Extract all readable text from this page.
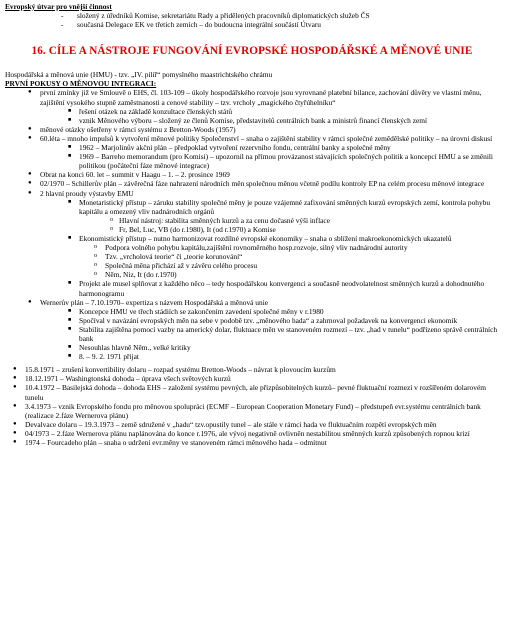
Evropský útvar pro vnější činnost
- složený z úředníků Komise, sekretariátu Rady a přidělených pracovníků diplomatických služeb ČS
- současná Delegace EK ve třetích zemích – do budoucna integrální součástí Útvaru
16. CÍLE A NÁSTROJE FUNGOVÁNÍ EVROPSKÉ HOSPODÁŘSKÉ A MĚNOVÉ UNIE
Hospodářská a měnová unie (HMU) - tzv. „IV. pilíř“ pomyslného maastrichtského chrámu
PRVNÍ POKUSY O MĚNOVOU INTEGRACI:
● první zmínky již ve Smlouvě o EHS, čl. 103-109 – úkoly hospodářského rozvoje jsou vyrovnané platební bilance, zachování důvěry ve vlastní měnu, zajištění vysokého stupně zaměstnanosti a cenové stability – tzv. vrcholy „magického čtyřúhelníku“
■ řešení otázek na základě konzultace členských států
■ vznik Měnového výboru – složený ze členů Komise, představitelů centrálních bank a ministrů financí členských zemí
● měnové otázky ošetřeny v rámci systému z Bretton-Woods (1957)
● 60.léta – mnoho impulsů k vytvoření měnové politiky Společenství – snaha o zajištění stability v rámci společné zemědělské politiky – na úrovni diskusí
■ 1962 – Marjolinův akční plán – předpoklad vytvoření rezervního fondu, centrální banky a společné měny
■ 1969 – Barreho memorandum (pro Komisi) – upozornil na přímou provázanost stávajících společných politik a koncepcí HMU a se změnili politikou (počáteční fáze měnové integrace)
● Obrat na konci 60. let – summit v Haagu – 1. – 2. prosince 1969
● 02/1970 – Schillerův plán – závěrečná fáze nahrazení národních měn společnou měnou včetně podílu kontroly EP na celém procesu měnové integrace
● 2 hlavní proudy výstavby EMU
■ Monetaristický přístup – záruku stability společné měny je pouze vzájemné zafixování směnných kurzů evropských zemí, kontrola pohybu kapitálu a omezený vliv nadnárodních orgánů
o Hlavní nástroj: stabilita směnných kurzů a za cenu dočasné výši inflace
o Fr, Bel, Luc, VB (do r.1980), It (od r.1970) a Komise
■ Ekonomistický přístup – nutno harmonizovat rozdílné evropské ekonomiky – snaha o sblížení makroekonomických ukazatelů
o Podpora volného pohybu kapitálu,zajištění rovnoměrného hosp.rozvoje, silný vliv nadnárodní autority
o Tzv. „vrcholová teorie“ či „teorie korunování“
o Společná měna přichází až v závěru celého procesu
o Něm, Niz, It (do r.1970)
■ Projekt ale musel splňovat z každého něco – tedy hospodářskou konvergenci a současně neodvolatelnost směnných kurzů a dohodnutého harmonogramu
● Wernerův plán – 7.10.1970– expertiza s názvem Hospodářská a měnová unie
■ Koncepce HMU ve třech stádiích se zakončením zavedení společné měny v r.1980
■ Spočíval v navázání evropských měn na sebe v podobě tzv. „měnového hada“ a zahrnoval požadavek na konvergenci ekonomik
■ Stabilita zajištěna pomocí vazby na americký dolar, fluktuace měn ve stanoveném rozmezí – tzv. „had v tunelu“ podřízeno správě centrálních bank
■ Nesouhlas hlavně Něm., velké kritiky
■ 8. – 9. 2. 1971 přijat
● 15.8.1971 – zrušení konvertibility dolaru – rozpad systému Bretton-Woods – návrat k plovoucím kurzům
● 18.12.1971 – Washingtonská dohoda – úprava všech světových kurzů
● 10.4.1972 – Basilejská dohoda – dohoda EHS – založení systému pevných, ale přizpůsobitelných kurzů– pevné fluktuační rozmezí v rozšířeném dolarovém tunelu
● 3.4.1973 – vznik Evropského fondu pro měnovou spolupráci (ECMF – European Cooperation Monetary Fund) – předstupeň evr.systému centrálních bank (realizace 2.fáze Wernerova plánu)
● Devalvace dolaru – 19.3.1973 – země sdružené v „hadu“ tzv.opustily tunel – ale stále v rámci hada ve fluktuačním rozpětí evropských měn
● 04/1973 – 2.fáze Wernerova plánu naplánována do konce r.1976, ale vývoj negativně ovlivněn nestabilitou směnných kurzů způsobených ropnou krizí
● 1974 – Fourcadeho plán – snaha o udržení evr.měny ve stanoveném rámci měnového hada – odmítnut
